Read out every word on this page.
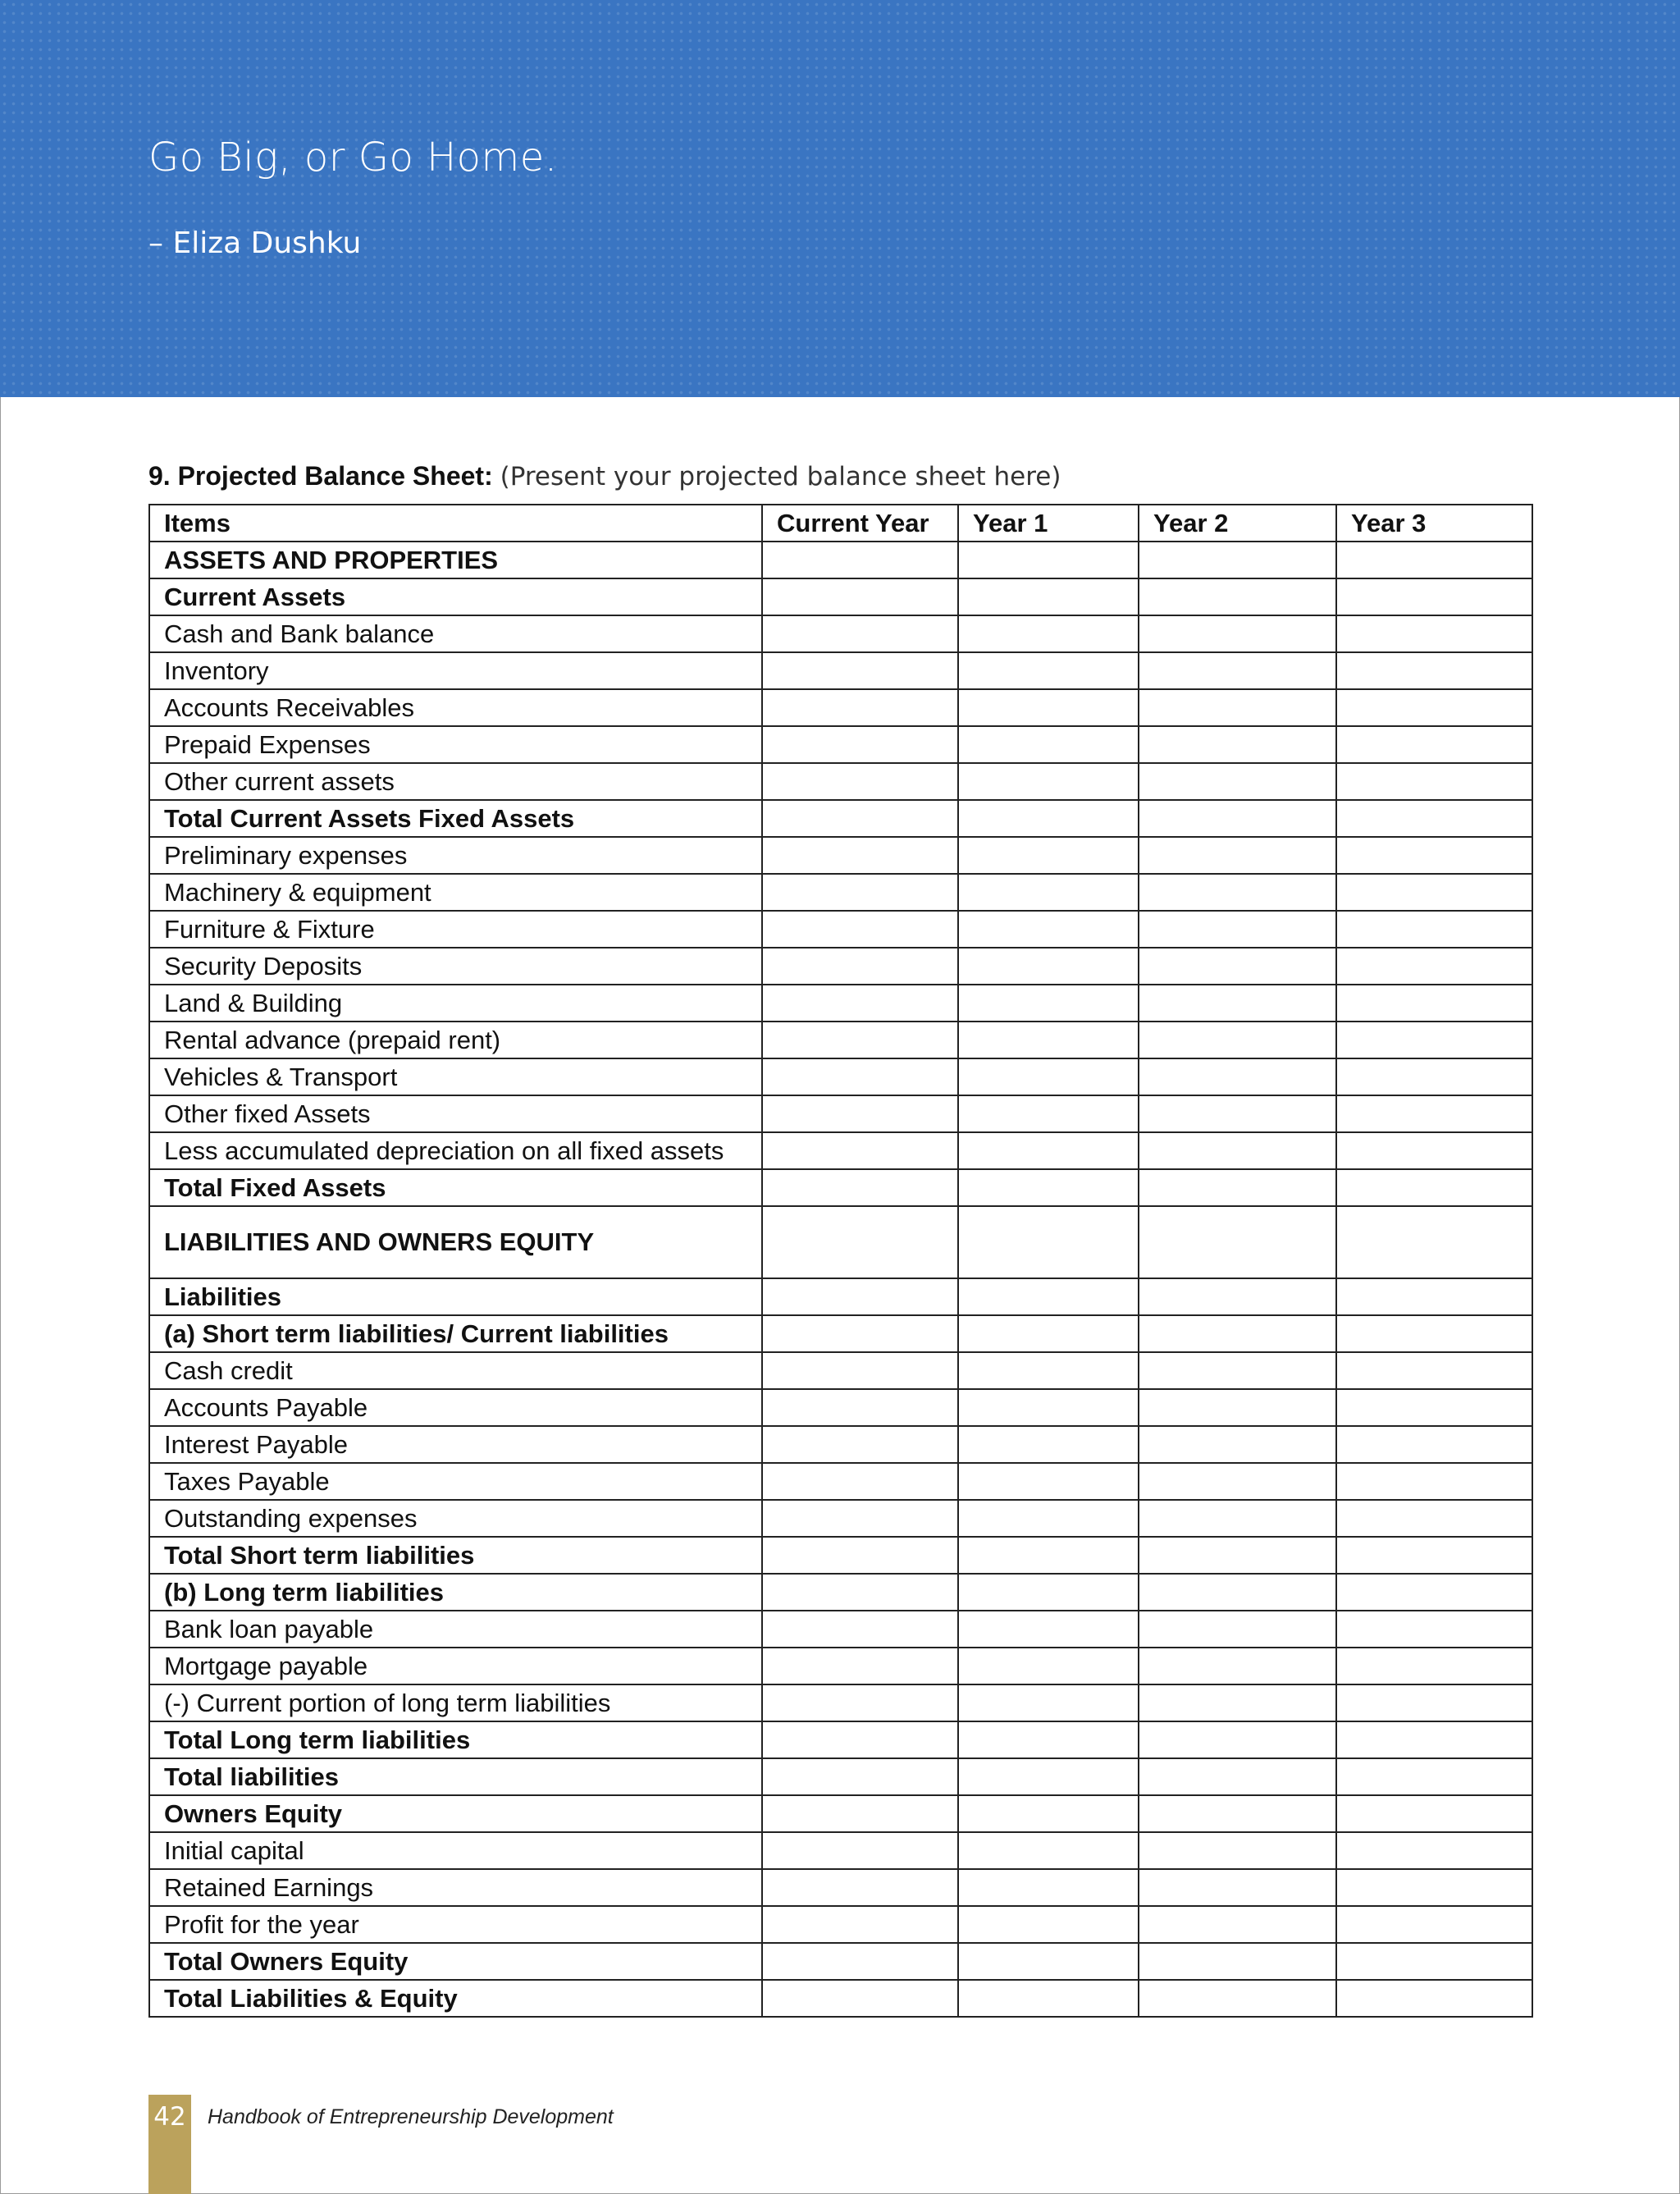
Go Big, or Go Home.

– Eliza Dushku

9. Projected Balance Sheet: (Present your projected balance sheet here)

Items	Current Year	Year 1	Year 2	Year 3
ASSETS AND PROPERTIES				
Current Assets				
Cash and Bank balance				
Inventory				
Accounts Receivables				
Prepaid Expenses				
Other current assets				
Total Current Assets Fixed Assets				
Preliminary expenses				
Machinery & equipment				
Furniture & Fixture				
Security Deposits				
Land & Building				
Rental advance (prepaid rent)				
Vehicles & Transport				
Other fixed Assets				
Less accumulated depreciation on all fixed assets				
Total Fixed Assets				
LIABILITIES AND OWNERS EQUITY				
Liabilities				
(a) Short term liabilities/ Current liabilities				
Cash credit				
Accounts Payable				
Interest Payable				
Taxes Payable				
Outstanding expenses				
Total Short term liabilities				
(b) Long term liabilities				
Bank loan payable				
Mortgage payable				
(-) Current portion of long term liabilities				
Total Long term liabilities				
Total liabilities				
Owners Equity				
Initial capital				
Retained Earnings				
Profit for the year				
Total Owners Equity				
Total Liabilities & Equity				

42 Handbook of Entrepreneurship Development
